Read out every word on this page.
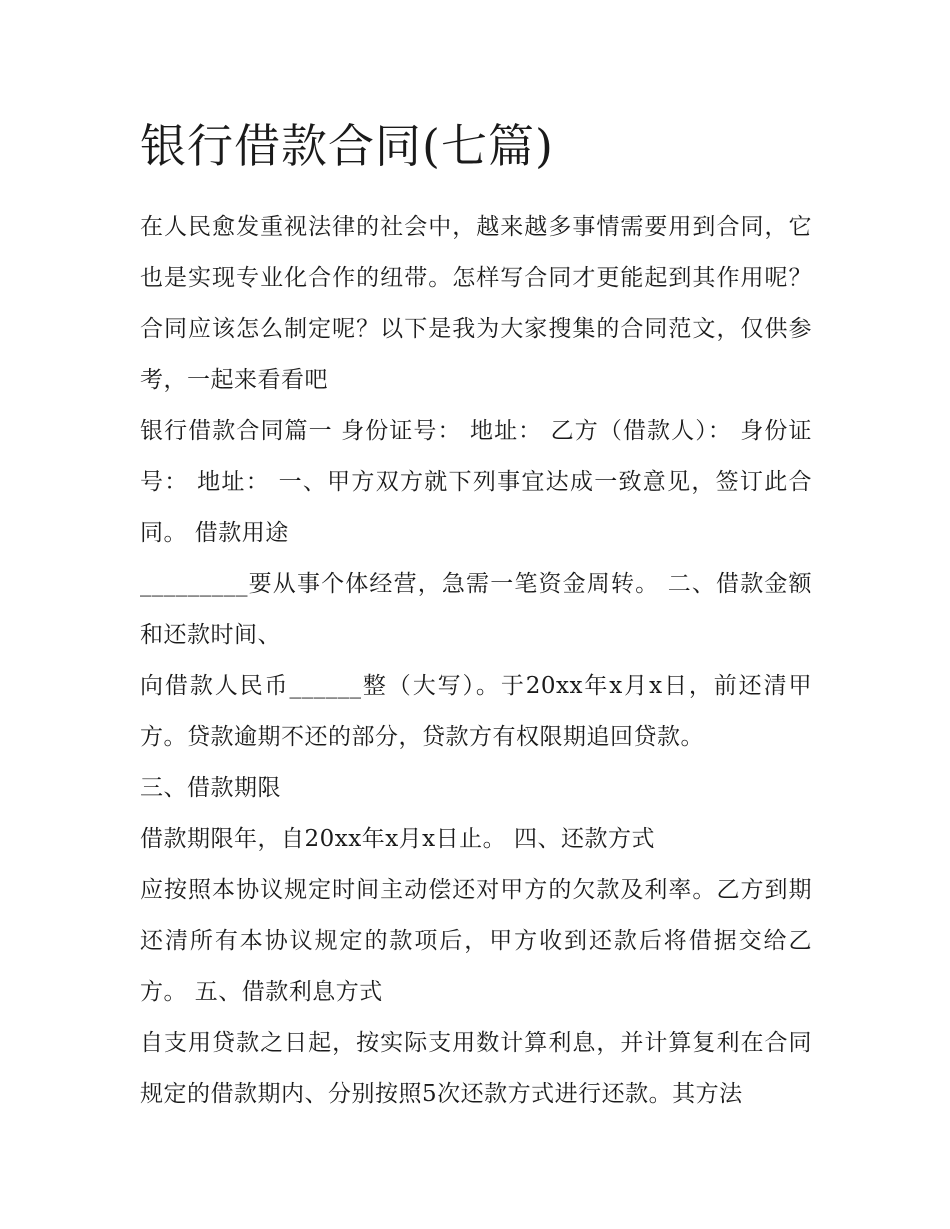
银行借款合同(七篇)

在人民愈发重视法律的社会中，越来越多事情需要用到合同，它也是实现专业化合作的纽带。怎样写合同才更能起到其作用呢？合同应该怎么制定呢？以下是我为大家搜集的合同范文，仅供参考，一起来看看吧

银行借款合同篇一 身份证号： 地址： 乙方（借款人）： 身份证号： 地址： 一、甲方双方就下列事宜达成一致意见，签订此合同。 借款用途

_________要从事个体经营，急需一笔资金周转。 二、借款金额和还款时间、

向借款人民币______整（大写）。于20xx年x月x日，前还清甲方。贷款逾期不还的部分，贷款方有权限期追回贷款。

三、借款期限

借款期限年，自20xx年x月x日止。 四、还款方式

应按照本协议规定时间主动偿还对甲方的欠款及利率。乙方到期还清所有本协议规定的款项后，甲方收到还款后将借据交给乙方。 五、借款利息方式

自支用贷款之日起，按实际支用数计算利息，并计算复利在合同规定的借款期内、分别按照5次还款方式进行还款。其方法
